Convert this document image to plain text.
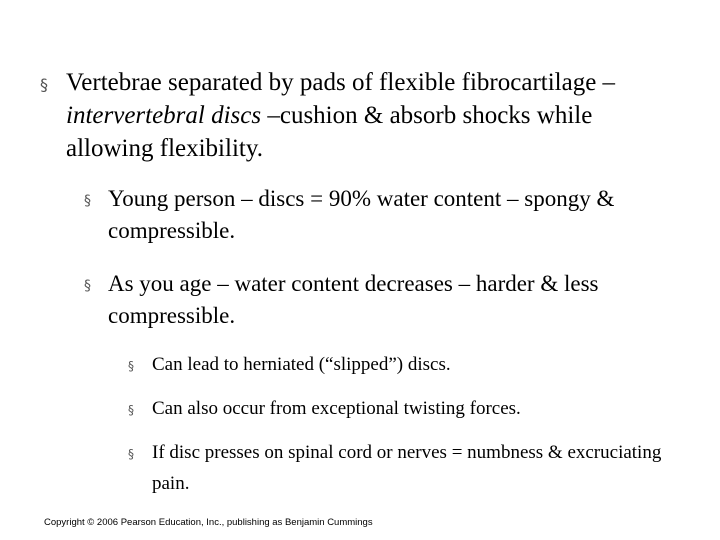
§ Vertebrae separated by pads of flexible fibrocartilage – intervertebral discs –cushion & absorb shocks while allowing flexibility.
§ Young person – discs = 90% water content – spongy & compressible.
§ As you age – water content decreases – harder & less compressible.
§ Can lead to herniated (“slipped”) discs.
§ Can also occur from exceptional twisting forces.
§ If disc presses on spinal cord or nerves = numbness & excruciating pain.
Copyright © 2006 Pearson Education, Inc., publishing as Benjamin Cummings
